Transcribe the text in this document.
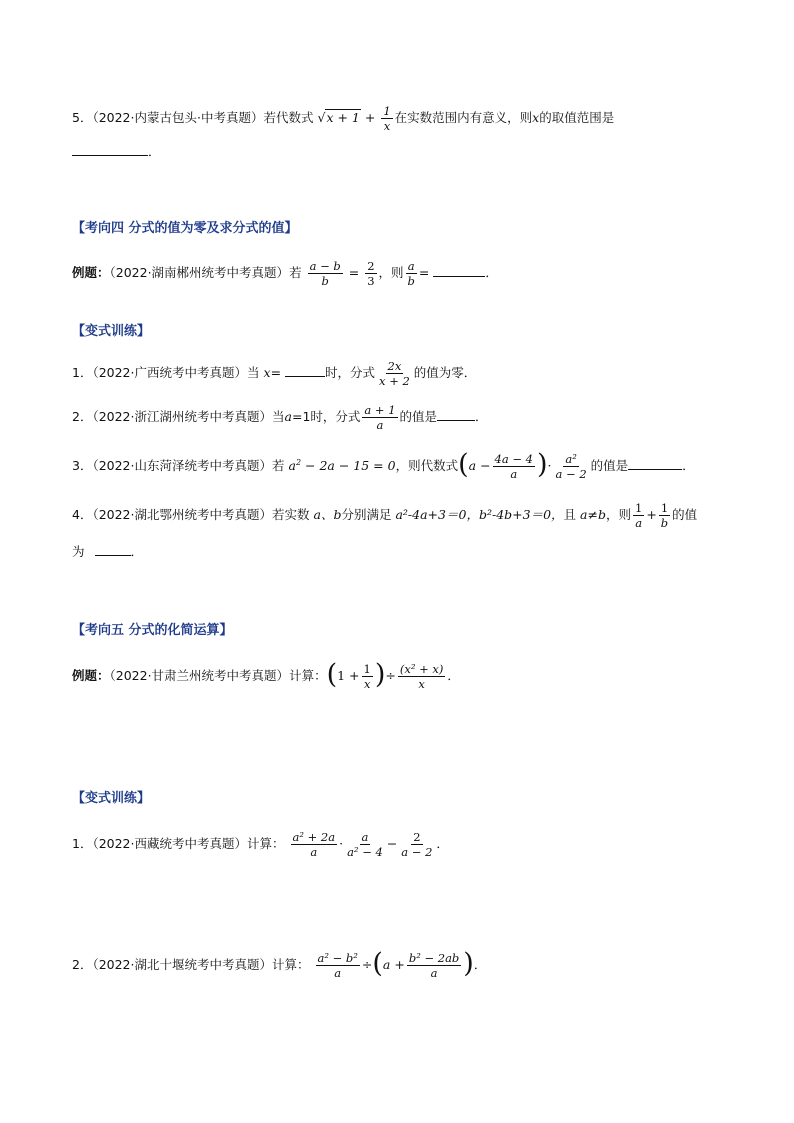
5．（2022·内蒙古包头·中考真题）若代数式 $√x + 1 + \frac{1}{x}$ 在实数范围内有意义，则x的取值范围是
．
【考向四 分式的值为零及求分式的值】
例题：（2022·湖南郴州统考中考真题）若 $\frac{a - b}{b} = \frac{2}{3}$ ，则 $\frac{a}{b}$ =	．
【变式训练】
1．（2022·广西统考中考真题）当 x=	时，分式 $\frac{2x}{x + 2}$ 的值为零．
2．（2022·浙江湖州统考中考真题）当a=1时，分式 $\frac{a + 1}{a}$ 的值是	．
3．（2022·山东菏泽统考中考真题）若 $a^2 - 2a - 15 = 0$，则代数式($a - \frac{4a - 4}{a}$ )· $\frac{\text{a²}}{a - 2}$ 的值是	．
4．（2022·湖北鄂州统考中考真题）若实数 a、b分别满足 a²-4a+3＝0，b²-4b+3＝0，且 a≠b，则 $\frac{1}{a} + \frac{1}{b}$ 的值
为	．
【考向五 分式的化简运算】
例题：（2022·甘肃兰州统考中考真题）计算：($1 + \frac{1}{x}$ )÷ $\frac{\text{(x² + x)}}{x}$ ．
【变式训练】
1．（2022·西藏统考中考真题）计算： $\frac{\text{a² + 2a}}{a} \cdot \frac{a}{\text{a² − 4}} - \frac{2}{a - 2}$ ．
2．（2022·湖北十堰统考中考真题）计算： $\frac{\text{a² − b²}}{a} \div(a + \frac{\text{b² − 2ab}}{a}$ )．
